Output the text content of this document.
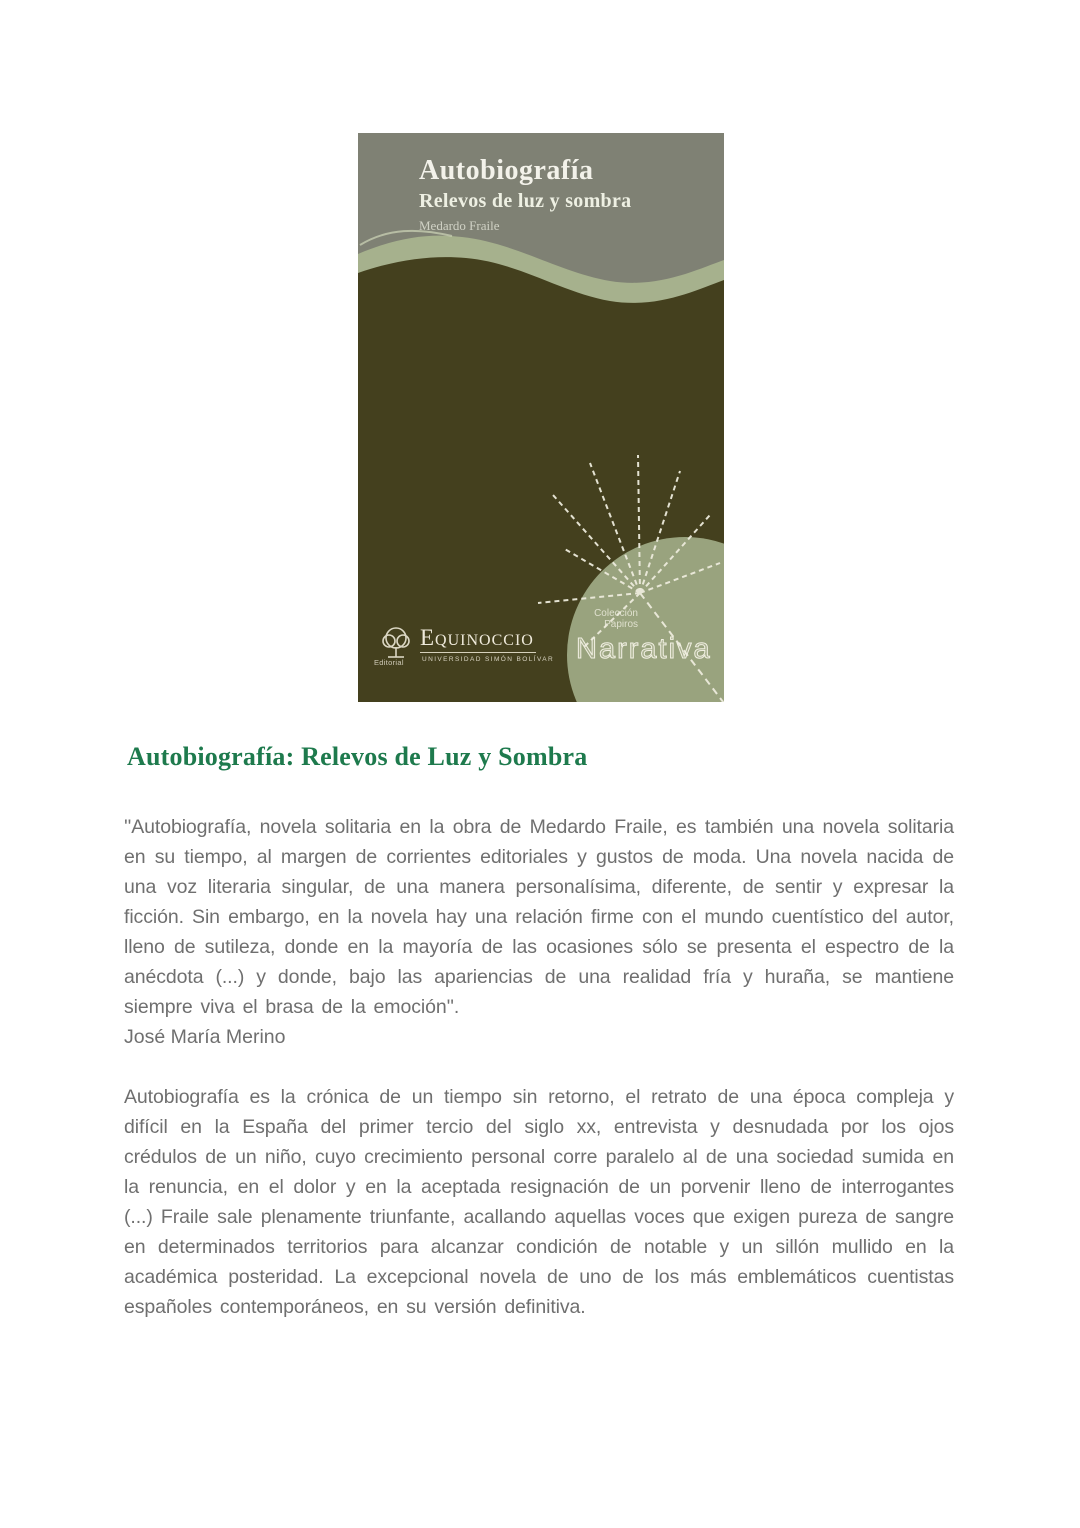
Autobiografía
Relevos de luz y sombra
Medardo Fraile
Editorial
Equinoccio
UNIVERSIDAD SIMÓN BOLÍVAR
Colección
Papiros
Narrativa
Autobiografía: Relevos de Luz y Sombra

''Autobiografía, novela solitaria en la obra de Medardo Fraile, es también una novela solitaria en su tiempo, al margen de corrientes editoriales y gustos de moda. Una novela nacida de una voz literaria singular, de una manera personalísima, diferente, de sentir y expresar la ficción. Sin embargo, en la novela hay una relación firme con el mundo cuentístico del autor, lleno de sutileza, donde en la mayoría de las ocasiones sólo se presenta el espectro de la anécdota (...) y donde, bajo las apariencias de una realidad fría y huraña, se mantiene siempre viva el brasa de la emoción''.

José María Merino

Autobiografía es la crónica de un tiempo sin retorno, el retrato de una época compleja y difícil en la España del primer tercio del siglo xx, entrevista y desnudada por los ojos crédulos de un niño, cuyo crecimiento personal corre paralelo al de una sociedad sumida en la renuncia, en el dolor y en la aceptada resignación de un porvenir lleno de interrogantes (...) Fraile sale plenamente triunfante, acallando aquellas voces que exigen pureza de sangre en determinados territorios para alcanzar condición de notable y un sillón mullido en la académica posteridad. La excepcional novela de uno de los más emblemáticos cuentistas españoles contemporáneos, en su versión definitiva.
